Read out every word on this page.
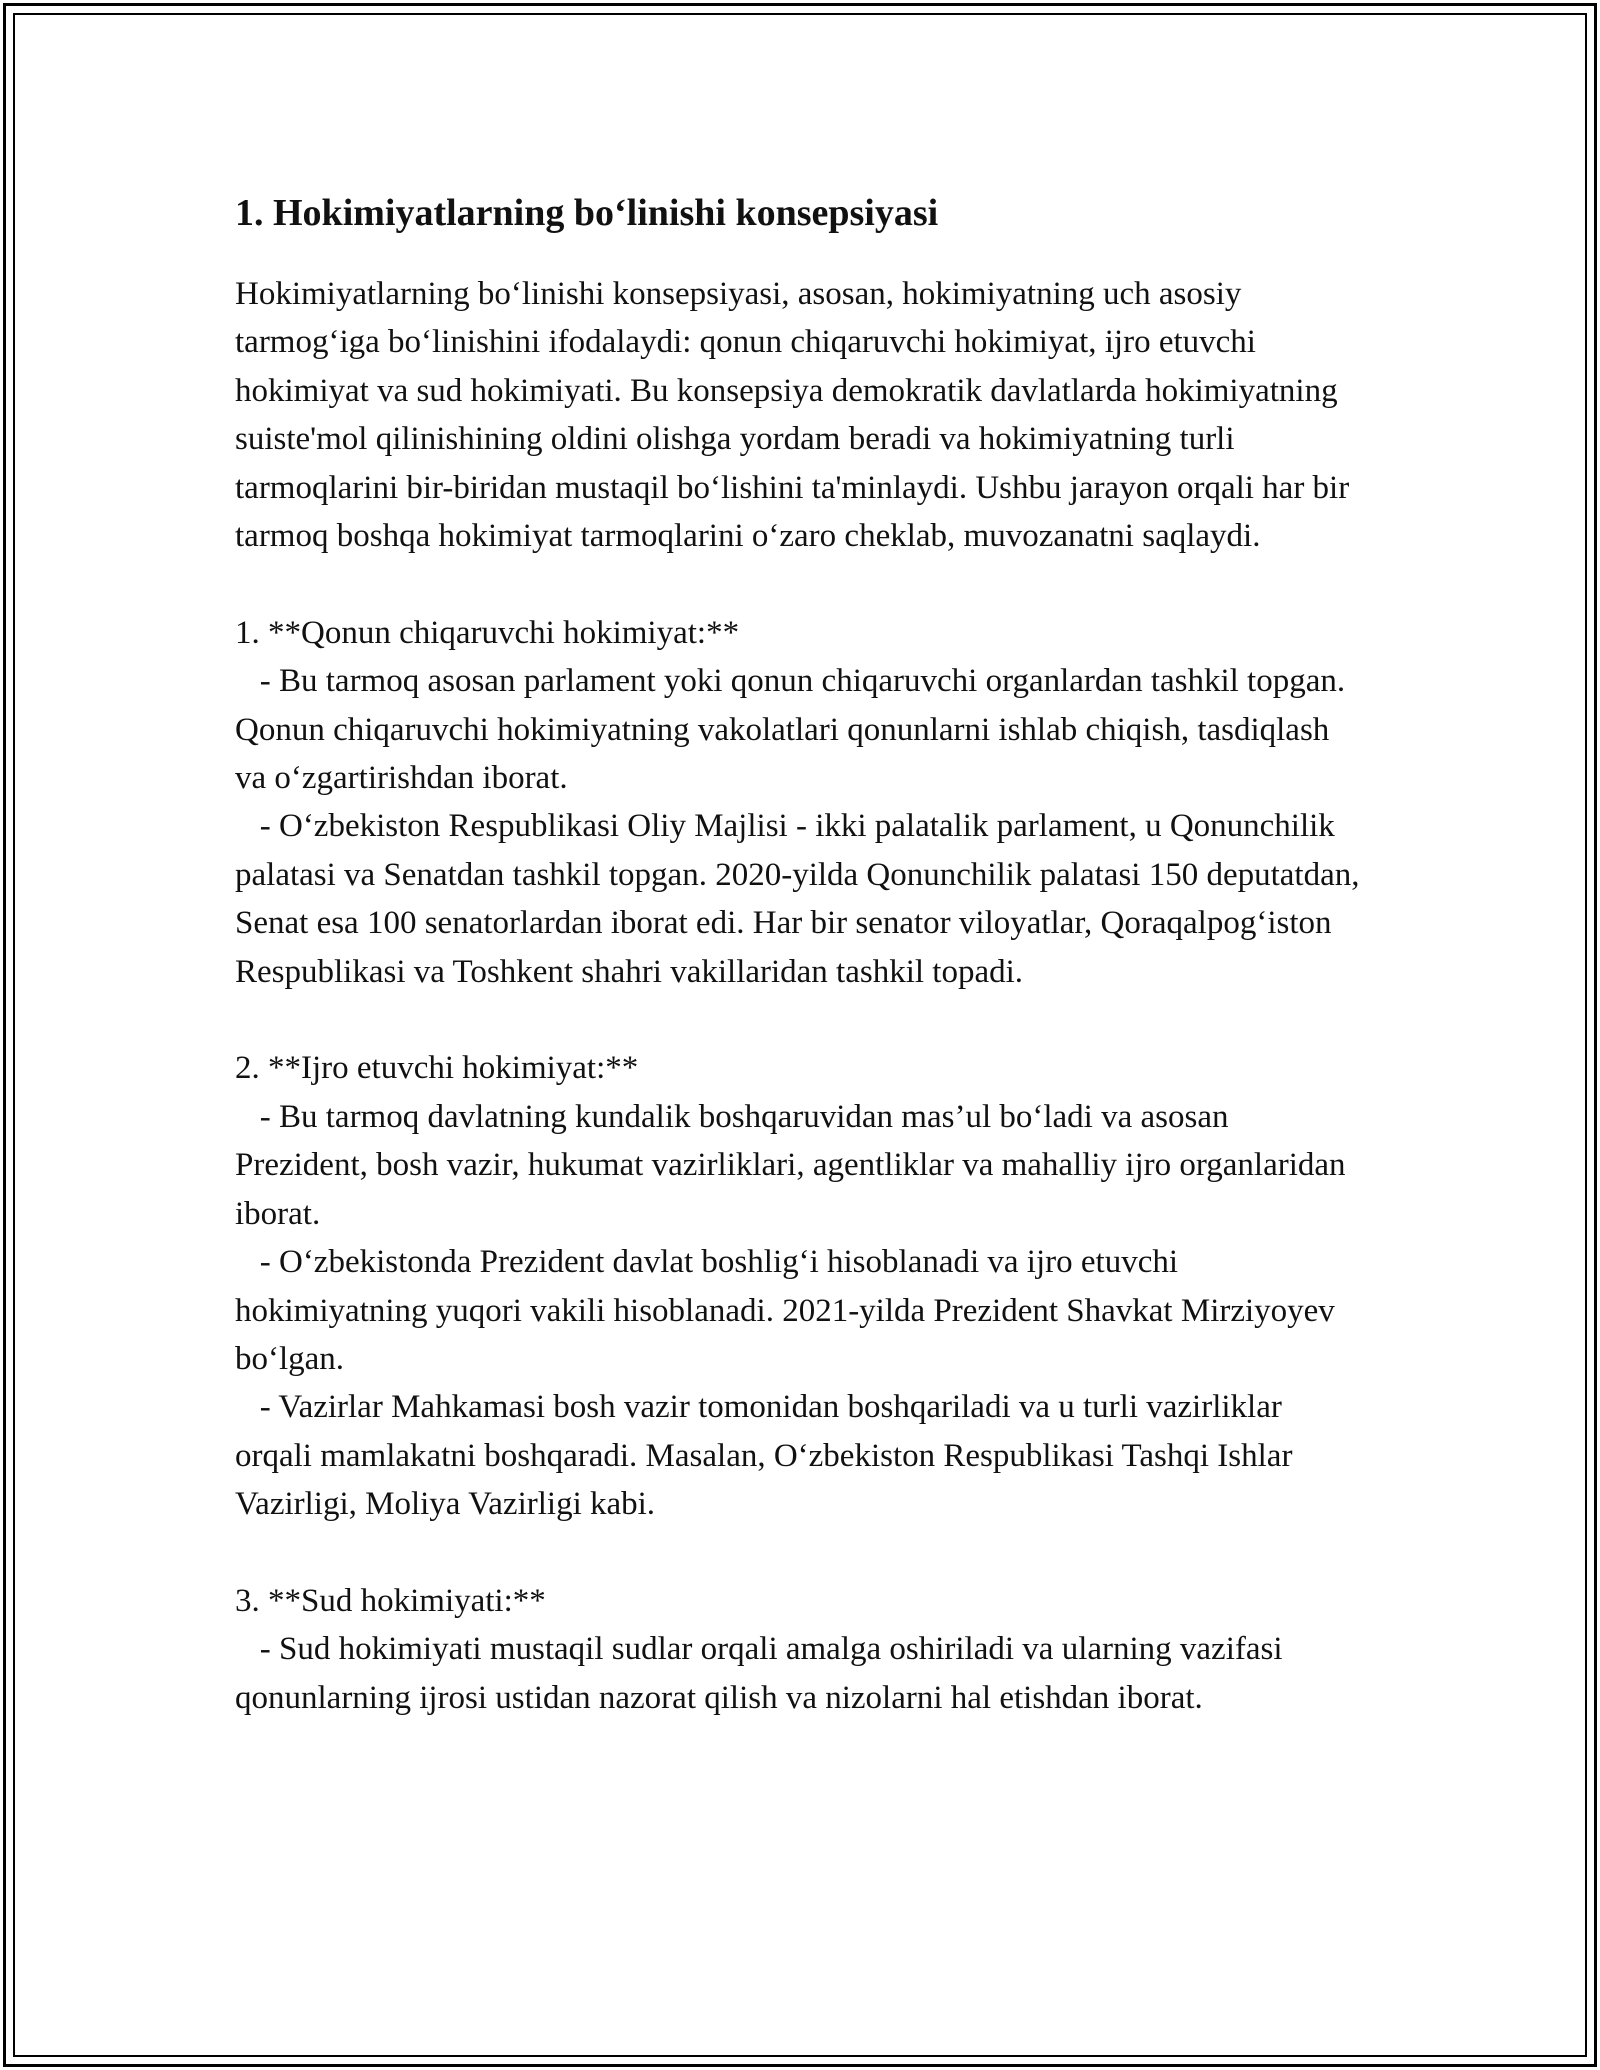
1. Hokimiyatlarning bo‘linishi konsepsiyasi

Hokimiyatlarning bo‘linishi konsepsiyasi, asosan, hokimiyatning uch asosiy tarmog‘iga bo‘linishini ifodalaydi: qonun chiqaruvchi hokimiyat, ijro etuvchi hokimiyat va sud hokimiyati. Bu konsepsiya demokratik davlatlarda hokimiyatning suiste'mol qilinishining oldini olishga yordam beradi va hokimiyatning turli tarmoqlarini bir-biridan mustaqil bo‘lishini ta'minlaydi. Ushbu jarayon orqali har bir tarmoq boshqa hokimiyat tarmoqlarini o‘zaro cheklab, muvozanatni saqlaydi.

1. **Qonun chiqaruvchi hokimiyat:**

- Bu tarmoq asosan parlament yoki qonun chiqaruvchi organlardan tashkil topgan. Qonun chiqaruvchi hokimiyatning vakolatlari qonunlarni ishlab chiqish, tasdiqlash va o‘zgartirishdan iborat.

- O‘zbekiston Respublikasi Oliy Majlisi - ikki palatalik parlament, u Qonunchilik palatasi va Senatdan tashkil topgan. 2020-yilda Qonunchilik palatasi 150 deputatdan, Senat esa 100 senatorlardan iborat edi. Har bir senator viloyatlar, Qoraqalpog‘iston Respublikasi va Toshkent shahri vakillaridan tashkil topadi.

2. **Ijro etuvchi hokimiyat:**

- Bu tarmoq davlatning kundalik boshqaruvidan mas’ul bo‘ladi va asosan Prezident, bosh vazir, hukumat vazirliklari, agentliklar va mahalliy ijro organlaridan iborat.

- O‘zbekistonda Prezident davlat boshlig‘i hisoblanadi va ijro etuvchi hokimiyatning yuqori vakili hisoblanadi. 2021-yilda Prezident Shavkat Mirziyoyev bo‘lgan.

- Vazirlar Mahkamasi bosh vazir tomonidan boshqariladi va u turli vazirliklar orqali mamlakatni boshqaradi. Masalan, O‘zbekiston Respublikasi Tashqi Ishlar Vazirligi, Moliya Vazirligi kabi.

3. **Sud hokimiyati:**

- Sud hokimiyati mustaqil sudlar orqali amalga oshiriladi va ularning vazifasi qonunlarning ijrosi ustidan nazorat qilish va nizolarni hal etishdan iborat.
